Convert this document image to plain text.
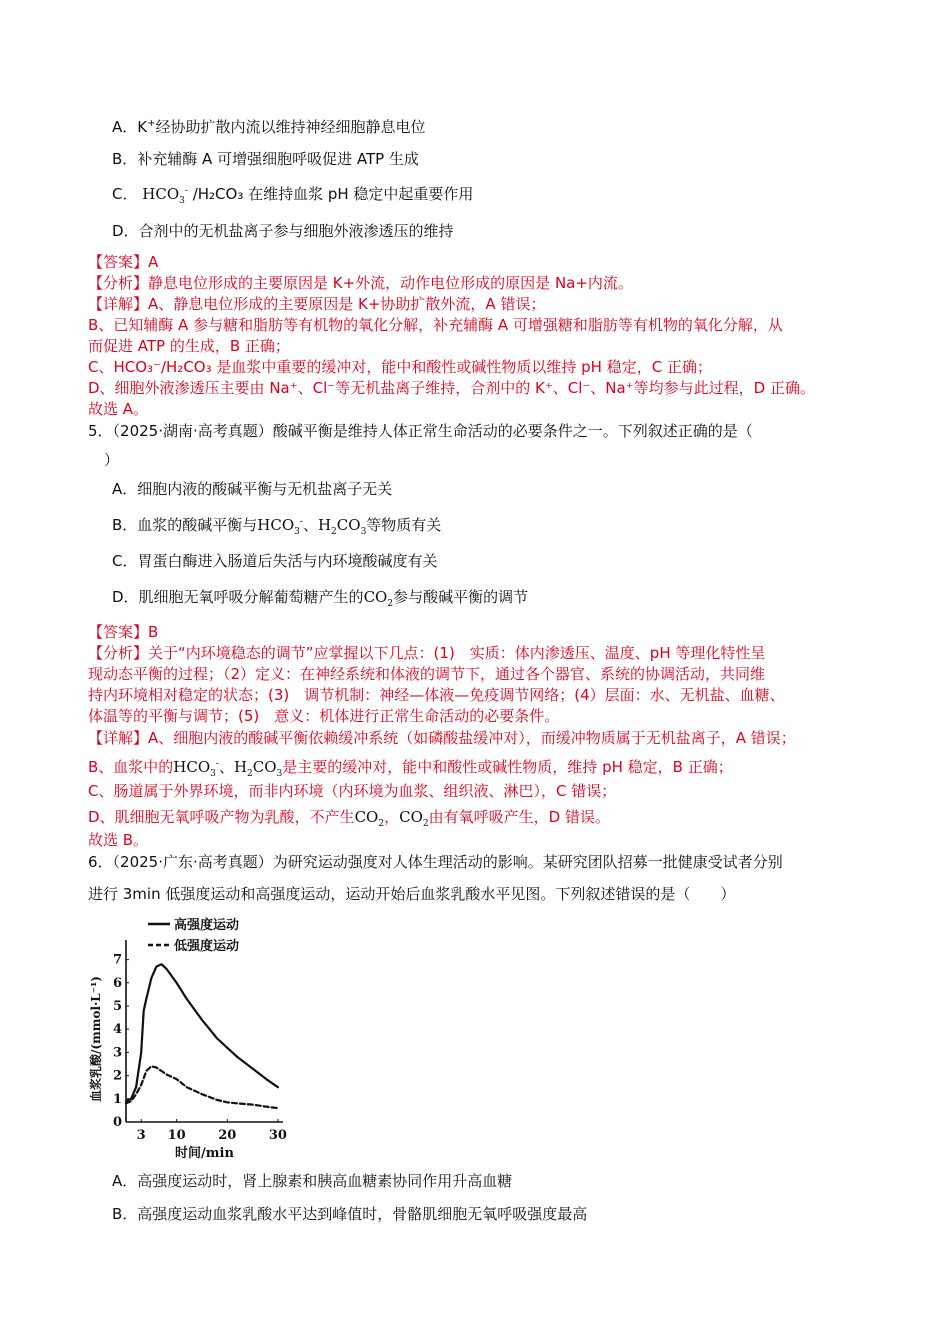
A．K+经协助扩散内流以维持神经细胞静息电位
B．补充辅酶 A 可增强细胞呼吸促进 ATP 生成
C． $HCO_3^-$ /H₂CO₃ 在维持血浆 pH 稳定中起重要作用
D．合剂中的无机盐离子参与细胞外液渗透压的维持
【答案】A
【分析】静息电位形成的主要原因是 K+外流，动作电位形成的原因是 Na+内流。
【详解】A、静息电位形成的主要原因是 K+协助扩散外流，A 错误；
B、已知辅酶 A 参与糖和脂肪等有机物的氧化分解，补充辅酶 A 可增强糖和脂肪等有机物的氧化分解，从
而促进 ATP 的生成，B 正确；
C、HCO₃⁻/H₂CO₃ 是血浆中重要的缓冲对，能中和酸性或碱性物质以维持 pH 稳定，C 正确；
D、细胞外液渗透压主要由 Na⁺、Cl⁻等无机盐离子维持，合剂中的 K⁺、Cl⁻、Na⁺等均参与此过程，D 正确。
故选 A。
5．（2025·湖南·高考真题）酸碱平衡是维持人体正常生命活动的必要条件之一。下列叙述正确的是（
）
A．细胞内液的酸碱平衡与无机盐离子无关
B．血浆的酸碱平衡与$HCO_3^-$、$H_2CO_3$等物质有关
C．胃蛋白酶进入肠道后失活与内环境酸碱度有关
D．肌细胞无氧呼吸分解葡萄糖产生的$CO_2$参与酸碱平衡的调节
【答案】B
【分析】关于“内环境稳态的调节”应掌握以下几点：(1)　实质：体内渗透压、温度、pH 等理化特性呈
现动态平衡的过程；（2）定义：在神经系统和体液的调节下，通过各个器官、系统的协调活动，共同维
持内环境相对稳定的状态；(3)　调节机制：神经—体液—免疫调节网络；(4）层面：水、无机盐、血糖、
体温等的平衡与调节；(5)　意义：机体进行正常生命活动的必要条件。
【详解】A、细胞内液的酸碱平衡依赖缓冲系统（如磷酸盐缓冲对），而缓冲物质属于无机盐离子，A 错误；
B、血浆中的$HCO_3^-$、$H_2CO_3$是主要的缓冲对，能中和酸性或碱性物质，维持 pH 稳定，B 正确；
C、肠道属于外界环境，而非内环境（内环境为血浆、组织液、淋巴），C 错误；
D、肌细胞无氧呼吸产物为乳酸，不产生$CO_2$，$CO_2$由有氧呼吸产生，D 错误。
故选 B。
6．（2025·广东·高考真题）为研究运动强度对人体生理活动的影响。某研究团队招募一批健康受试者分别
进行 3min 低强度运动和高强度运动，运动开始后血浆乳酸水平见图。下列叙述错误的是（　　）
高强度运动
低强度运动
时间/min
血浆乳酸/(mmol·L⁻¹)
0
1
2
3
4
5
6
7
3 10	20	30
A．高强度运动时，肾上腺素和胰高血糖素协同作用升高血糖
B．高强度运动血浆乳酸水平达到峰值时，骨骼肌细胞无氧呼吸强度最高
